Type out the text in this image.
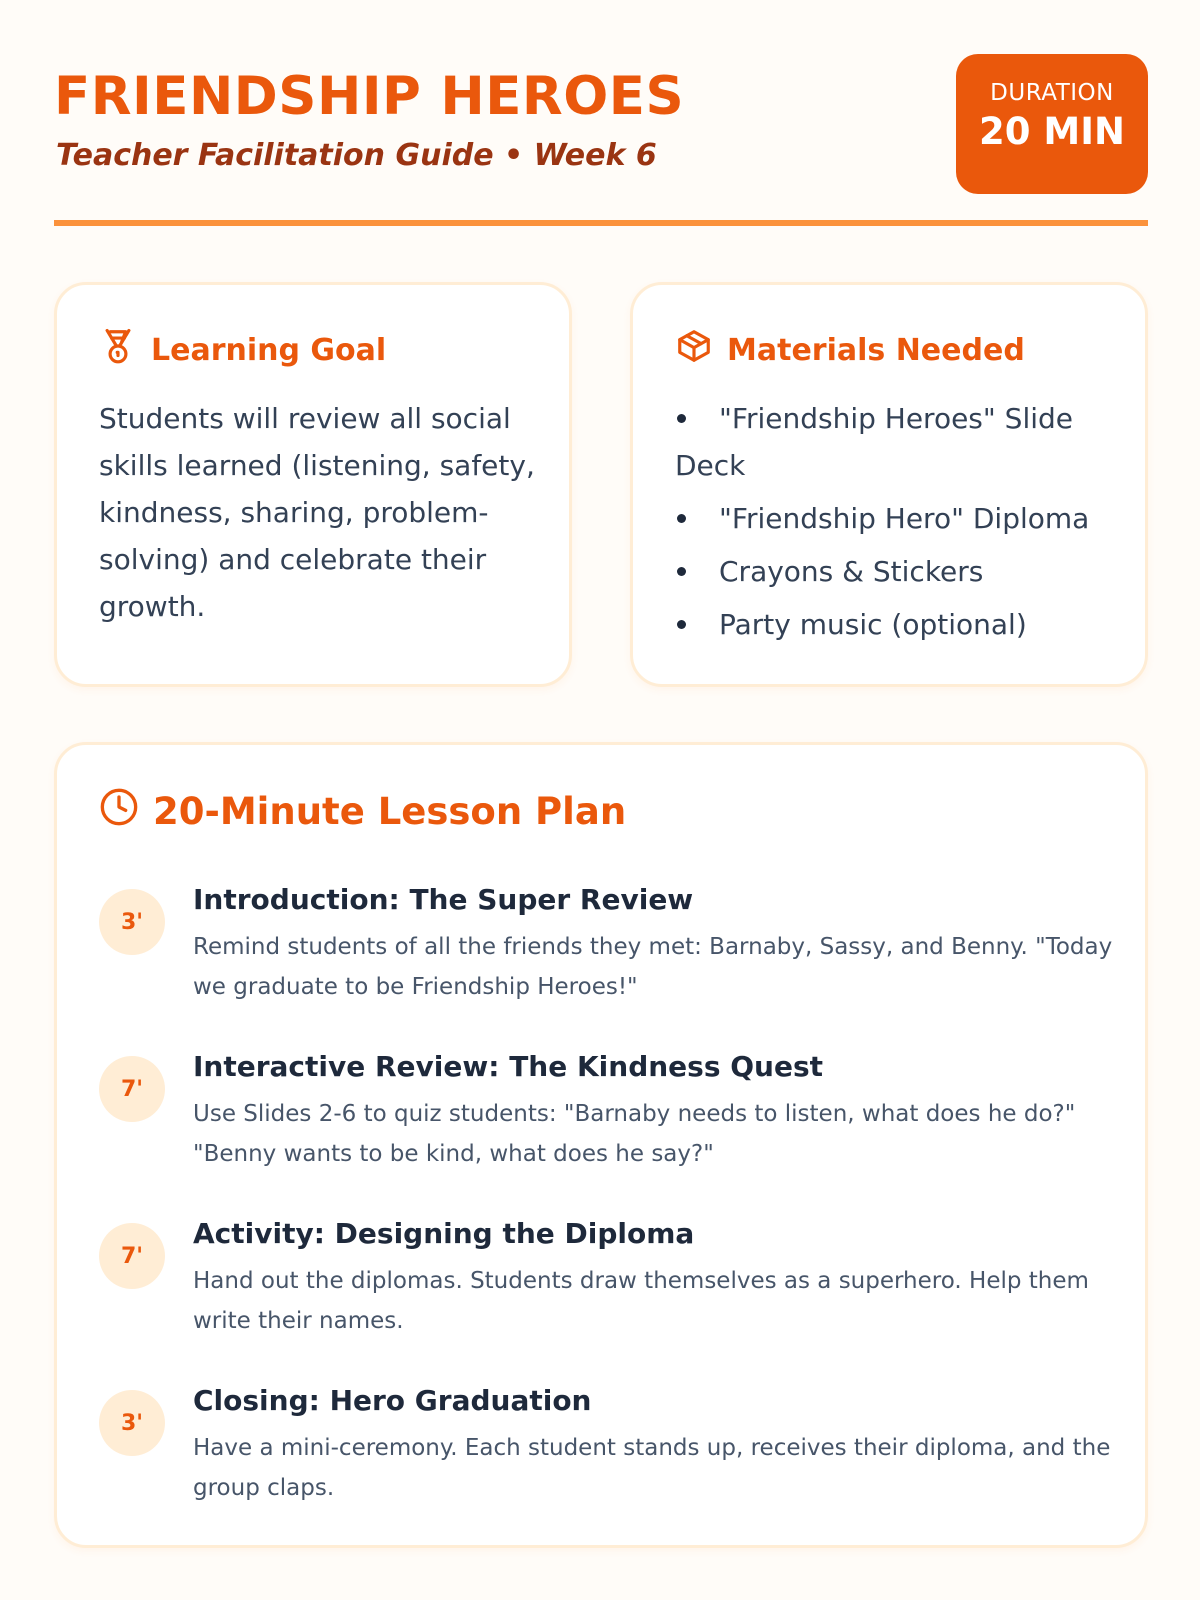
FRIENDSHIP HEROES
Teacher Facilitation Guide • Week 6
DURATION
20 MIN
Learning Goal
Students will review all social skills learned (listening, safety, kindness, sharing, problem-solving) and celebrate their growth.
Materials Needed
"Friendship Heroes" Slide Deck
"Friendship Hero" Diploma
Crayons & Stickers
Party music (optional)
20-Minute Lesson Plan
3'
Introduction: The Super Review
Remind students of all the friends they met: Barnaby, Sassy, and Benny. "Today we graduate to be Friendship Heroes!"
7'
Interactive Review: The Kindness Quest
Use Slides 2-6 to quiz students: "Barnaby needs to listen, what does he do?" "Benny wants to be kind, what does he say?"
7'
Activity: Designing the Diploma
Hand out the diplomas. Students draw themselves as a superhero. Help them write their names.
3'
Closing: Hero Graduation
Have a mini-ceremony. Each student stands up, receives their diploma, and the group claps.
